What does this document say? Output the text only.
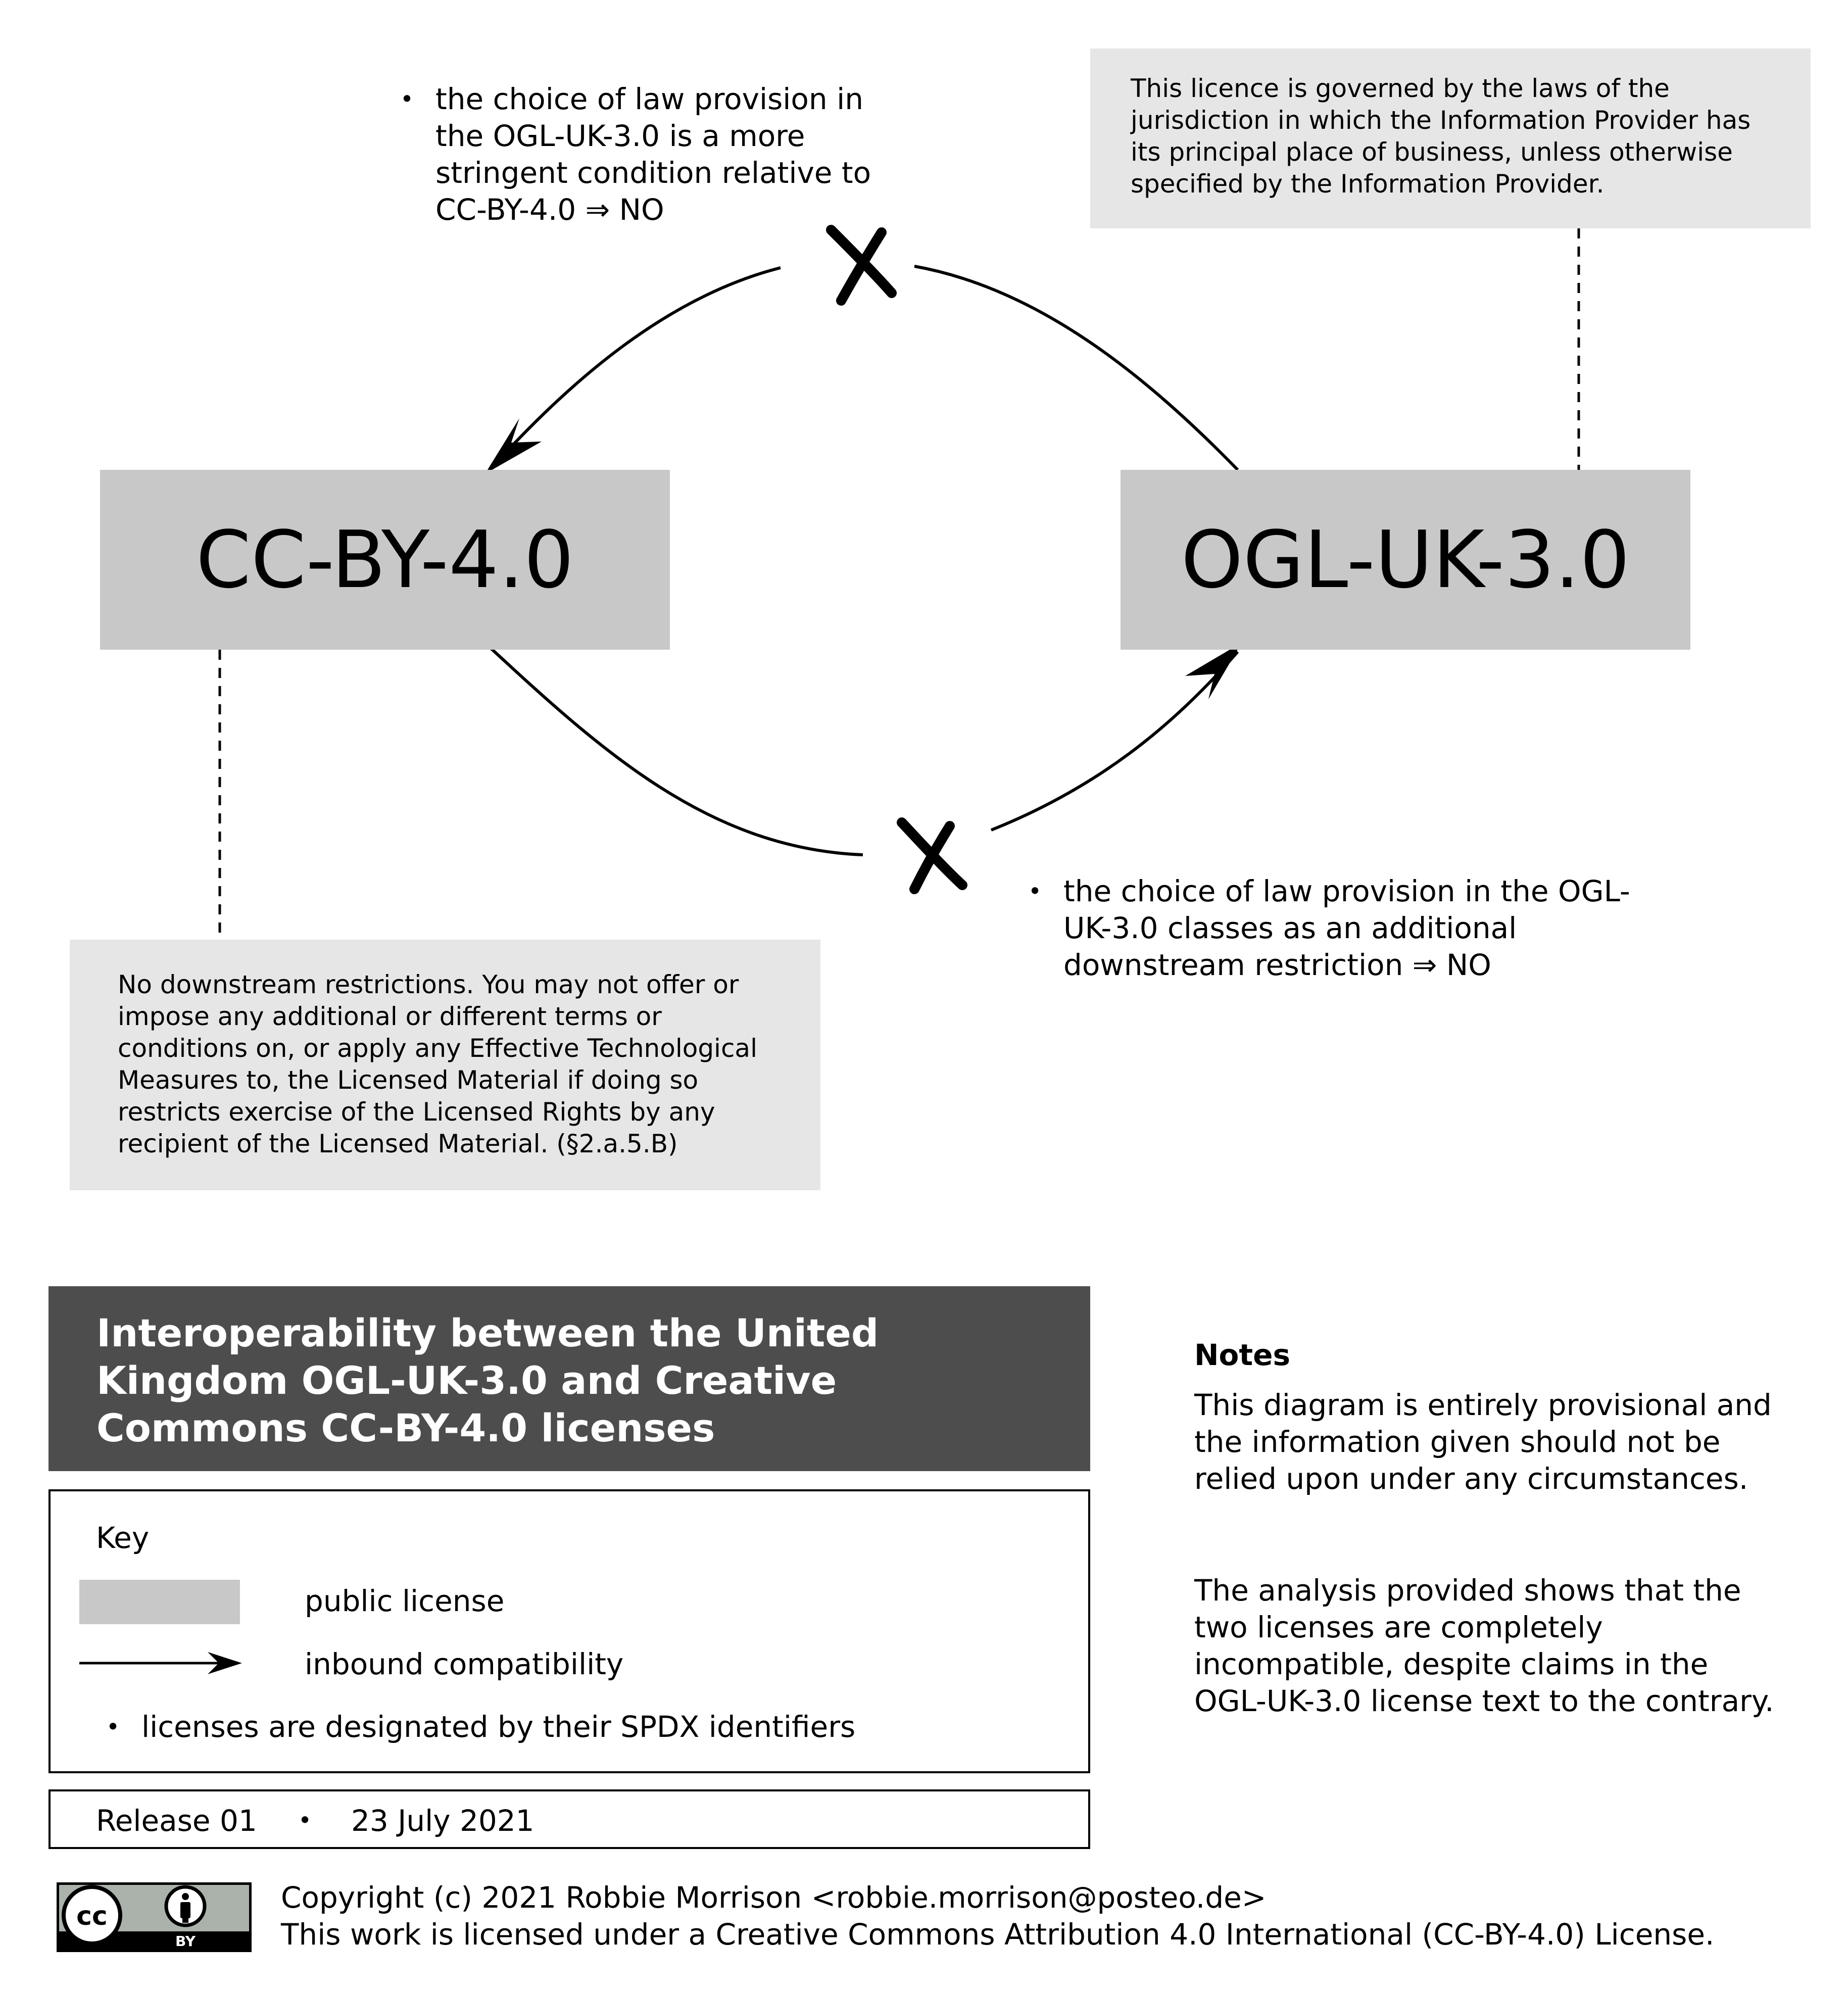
CC-BY-4.0	OGL-UK-3.0
This licence is governed by the laws of the jurisdiction in which the Information Provider has its principal place of business, unless otherwise specified by the Information Provider.
No downstream restrictions. You may not offer or impose any additional or different terms or conditions on, or apply any Effective Technological Measures to, the Licensed Material if doing so restricts exercise of the Licensed Rights by any recipient of the Licensed Material. (§2.a.5.B)
• the choice of law provision in the OGL-UK-3.0 is a more stringent condition relative to CC-BY-4.0 ⇒ NO
• the choice of law provision in the OGL-UK-3.0 classes as an additional downstream restriction ⇒ NO
Interoperability between the United Kingdom OGL-UK-3.0 and Creative Commons CC-BY-4.0 licenses
Key
public license
inbound compatibility
• licenses are designated by their SPDX identifiers
Release 01 • 23 July 2021
Notes
This diagram is entirely provisional and the information given should not be relied upon under any circumstances.
The analysis provided shows that the two licenses are completely incompatible, despite claims in the OGL-UK-3.0 license text to the contrary.
cc
BY
Copyright (c) 2021 Robbie Morrison <robbie.morrison@posteo.de>
This work is licensed under a Creative Commons Attribution 4.0 International (CC-BY-4.0) License.
